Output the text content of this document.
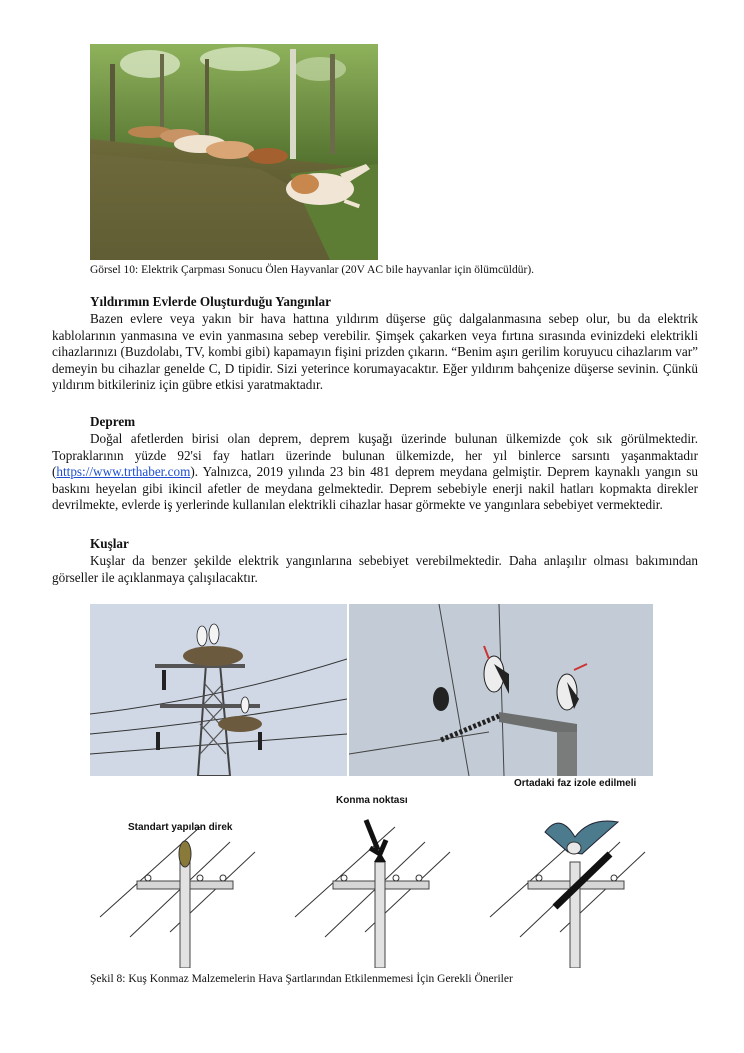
Görsel 10: Elektrik Çarpması Sonucu Ölen Hayvanlar (20V AC bile hayvanlar için ölümcüldür).
Yıldırımın Evlerde Oluşturduğu Yangınlar
Bazen evlere veya yakın bir hava hattına yıldırım düşerse güç dalgalanmasına sebep olur, bu da elektrik kablolarının yanmasına ve evin yanmasına sebep verebilir. Şimşek çakarken veya fırtına sırasında evinizdeki elektrikli cihazlarınızı (Buzdolabı, TV, kombi gibi) kapamayın fişini prizden çıkarın. “Benim aşırı gerilim koruyucu cihazlarım var” demeyin bu cihazlar genelde C, D tipidir. Sizi yeterince korumayacaktır. Eğer yıldırım bahçenize düşerse sevinin. Çünkü yıldırım bitkileriniz için gübre etkisi yaratmaktadır.
Deprem
Doğal afetlerden birisi olan deprem, deprem kuşağı üzerinde bulunan ülkemizde çok sık görülmektedir. Topraklarının yüzde 92'si fay hatları üzerinde bulunan ülkemizde, her yıl binlerce sarsıntı yaşanmaktadır (https://www.trthaber.com). Yalnızca, 2019 yılında 23 bin 481 deprem meydana gelmiştir. Deprem kaynaklı yangın su baskını heyelan gibi ikincil afetler de meydana gelmektedir. Deprem sebebiyle enerji nakil hatları kopmakta direkler devrilmekte, evlerde iş yerlerinde kullanılan elektrikli cihazlar hasar görmekte ve yangınlara sebebiyet vermektedir.
Kuşlar
Kuşlar da benzer şekilde elektrik yangınlarına sebebiyet verebilmektedir. Daha anlaşılır olması bakımından görseller ile açıklanmaya çalışılacaktır.
Ortadaki faz izole edilmeli
Standart yapılan direk
Konma noktası
Şekil 8: Kuş Konmaz Malzemelerin Hava Şartlarından Etkilenmemesi İçin Gerekli Öneriler
